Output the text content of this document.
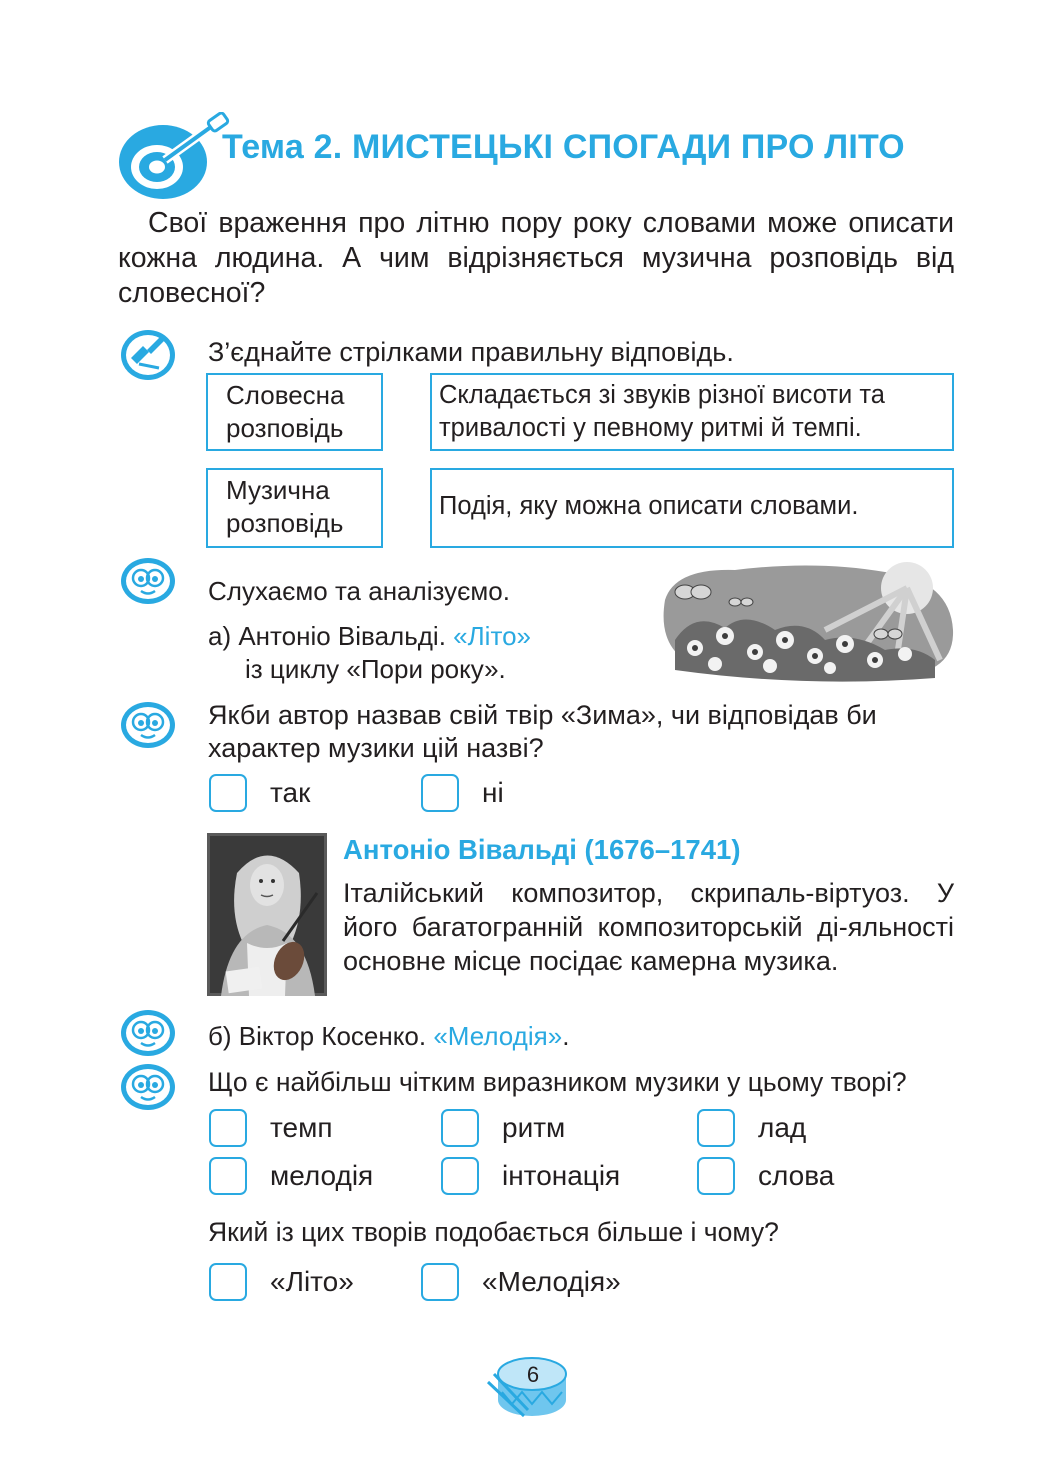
Тема 2. МИСТЕЦЬКІ СПОГАДИ ПРО ЛІТО
Свої враження про літню пору року словами може описати кожна людина. А чим відрізняється музична розповідь від словесної?
З’єднайте стрілками правильну відповідь.
Словесна
розповідь
Музична
розповідь
Складається зі звуків різної висоти та
тривалості у певному ритмі й темпі.
Подія, яку можна описати словами.
Слухаємо та аналізуємо.
а) Антоніо Вівальді. «Літо»
із циклу «Пори року».
Якби автор назвав свій твір «Зима», чи відповідав би
характер музики цій назві?
так	ні
Антоніо Вівальді (1676–1741)
Італійський композитор, скрипаль-віртуоз. У його багатогранній композиторській ді-яльності основне місце посідає камерна музика.
б) Віктор Косенко. «Мелодія».
Що є найбільш чітким виразником музики у цьому творі?
темп	ритм	лад
мелодія	інтонація	слова
Який із цих творів подобається більше і чому?
«Літо»	«Мелодія»
6
